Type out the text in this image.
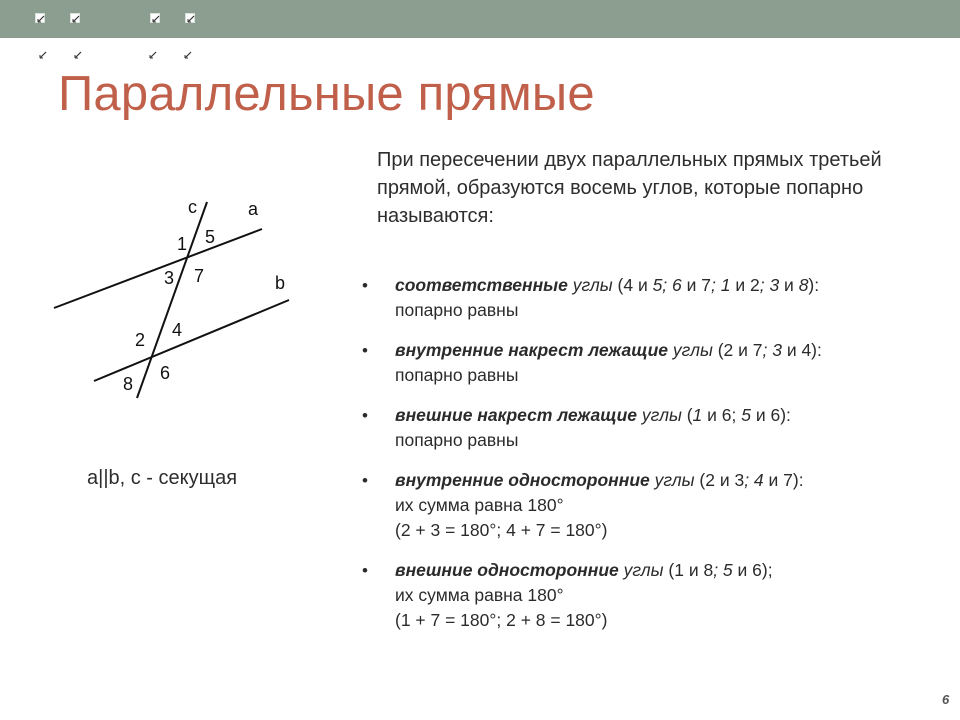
Параллельные прямые
При пересечении двух параллельных прямых третьей прямой, образуются восемь углов, которые попарно называются:
c	a
b
1 5
3 7
2 4
8
6
a||b, c - секущая
• соответственные углы (4 и 5; 6 и 7; 1 и 2; 3 и 8):
попарно равны
• внутренние накрест лежащие углы (2 и 7; 3 и 4):
попарно равны
• внешние накрест лежащие углы (1 и 6; 5 и 6):
попарно равны
• внутренние односторонние углы (2 и 3; 4 и 7):
их сумма равна 180°
(2 + 3 = 180°; 4 + 7 = 180°)
• внешние односторонние углы (1 и 8; 5 и 6);
их сумма равна 180°
(1 + 7 = 180°; 2 + 8 = 180°)
6
